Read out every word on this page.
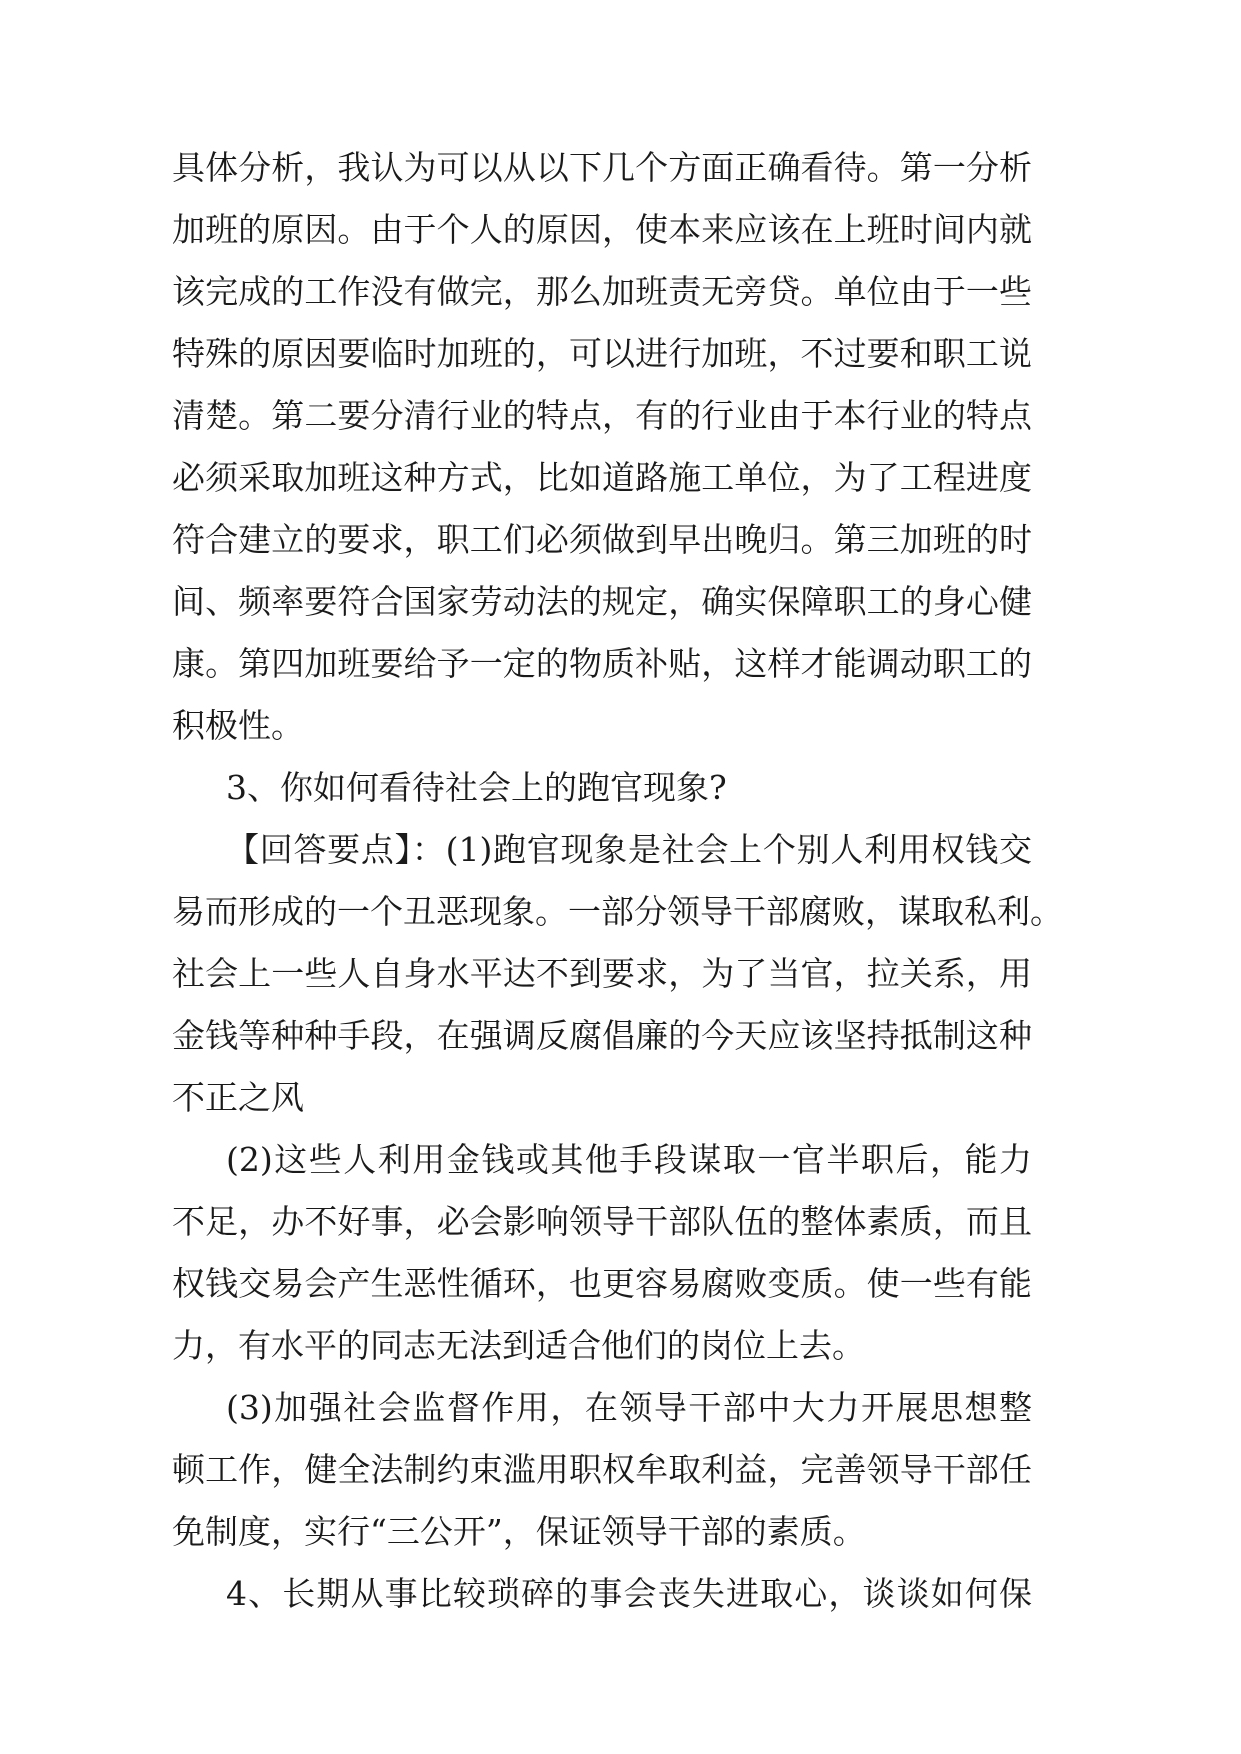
具体分析，我认为可以从以下几个方面正确看待。第一分析
加班的原因。由于个人的原因，使本来应该在上班时间内就
该完成的工作没有做完，那么加班责无旁贷。单位由于一些
特殊的原因要临时加班的，可以进行加班，不过要和职工说
清楚。第二要分清行业的特点，有的行业由于本行业的特点
必须采取加班这种方式，比如道路施工单位，为了工程进度
符合建立的要求，职工们必须做到早出晚归。第三加班的时
间、频率要符合国家劳动法的规定，确实保障职工的身心健
康。第四加班要给予一定的物质补贴，这样才能调动职工的
积极性。
3、你如何看待社会上的跑官现象?
【回答要点】：(1)跑官现象是社会上个别人利用权钱交
易而形成的一个丑恶现象。一部分领导干部腐败，谋取私利。
社会上一些人自身水平达不到要求，为了当官，拉关系，用
金钱等种种手段，在强调反腐倡廉的今天应该坚持抵制这种
不正之风
(2)这些人利用金钱或其他手段谋取一官半职后，能力
不足，办不好事，必会影响领导干部队伍的整体素质，而且
权钱交易会产生恶性循环，也更容易腐败变质。使一些有能
力，有水平的同志无法到适合他们的岗位上去。
(3)加强社会监督作用，在领导干部中大力开展思想整
顿工作，健全法制约束滥用职权牟取利益，完善领导干部任
免制度，实行“三公开”，保证领导干部的素质。
4、长期从事比较琐碎的事会丧失进取心，谈谈如何保
